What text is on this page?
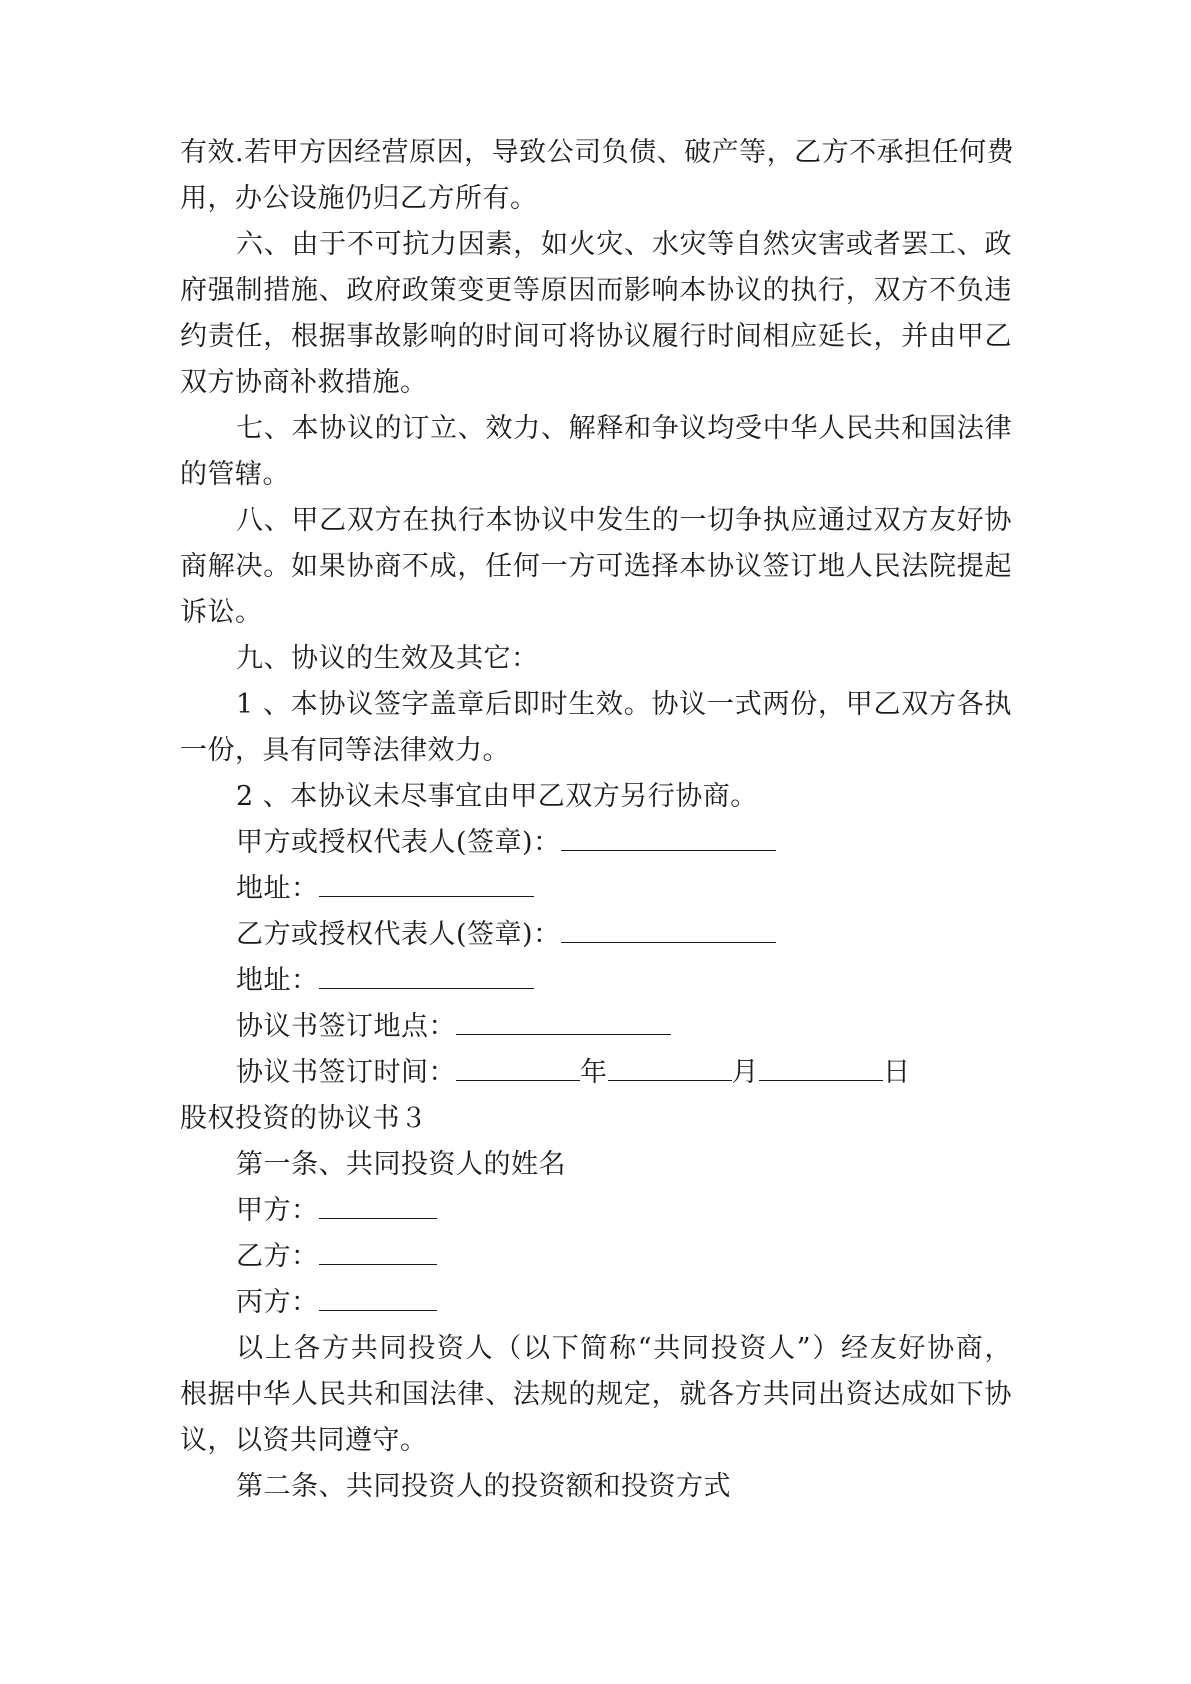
有效.若甲方因经营原因，导致公司负债、破产等，乙方不承担任何费
用，办公设施仍归乙方所有。
六、由于不可抗力因素，如火灾、水灾等自然灾害或者罢工、政
府强制措施、政府政策变更等原因而影响本协议的执行，双方不负违
约责任，根据事故影响的时间可将协议履行时间相应延长，并由甲乙
双方协商补救措施。
七、本协议的订立、效力、解释和争议均受中华人民共和国法律
的管辖。
八、甲乙双方在执行本协议中发生的一切争执应通过双方友好协
商解决。如果协商不成，任何一方可选择本协议签订地人民法院提起
诉讼。
九、协议的生效及其它：
1 、本协议签字盖章后即时生效。协议一式两份，甲乙双方各执
一份，具有同等法律效力。
2 、本协议未尽事宜由甲乙双方另行协商。
甲方或授权代表人(签章)：
地址：
乙方或授权代表人(签章)：
地址：
协议书签订地点：
协议书签订时间：	年	月	日
股权投资的协议书３
第一条、共同投资人的姓名
甲方：
乙方：
丙方：
以上各方共同投资人（以下简称“共同投资人”）经友好协商，
根据中华人民共和国法律、法规的规定，就各方共同出资达成如下协
议，以资共同遵守。
第二条、共同投资人的投资额和投资方式
